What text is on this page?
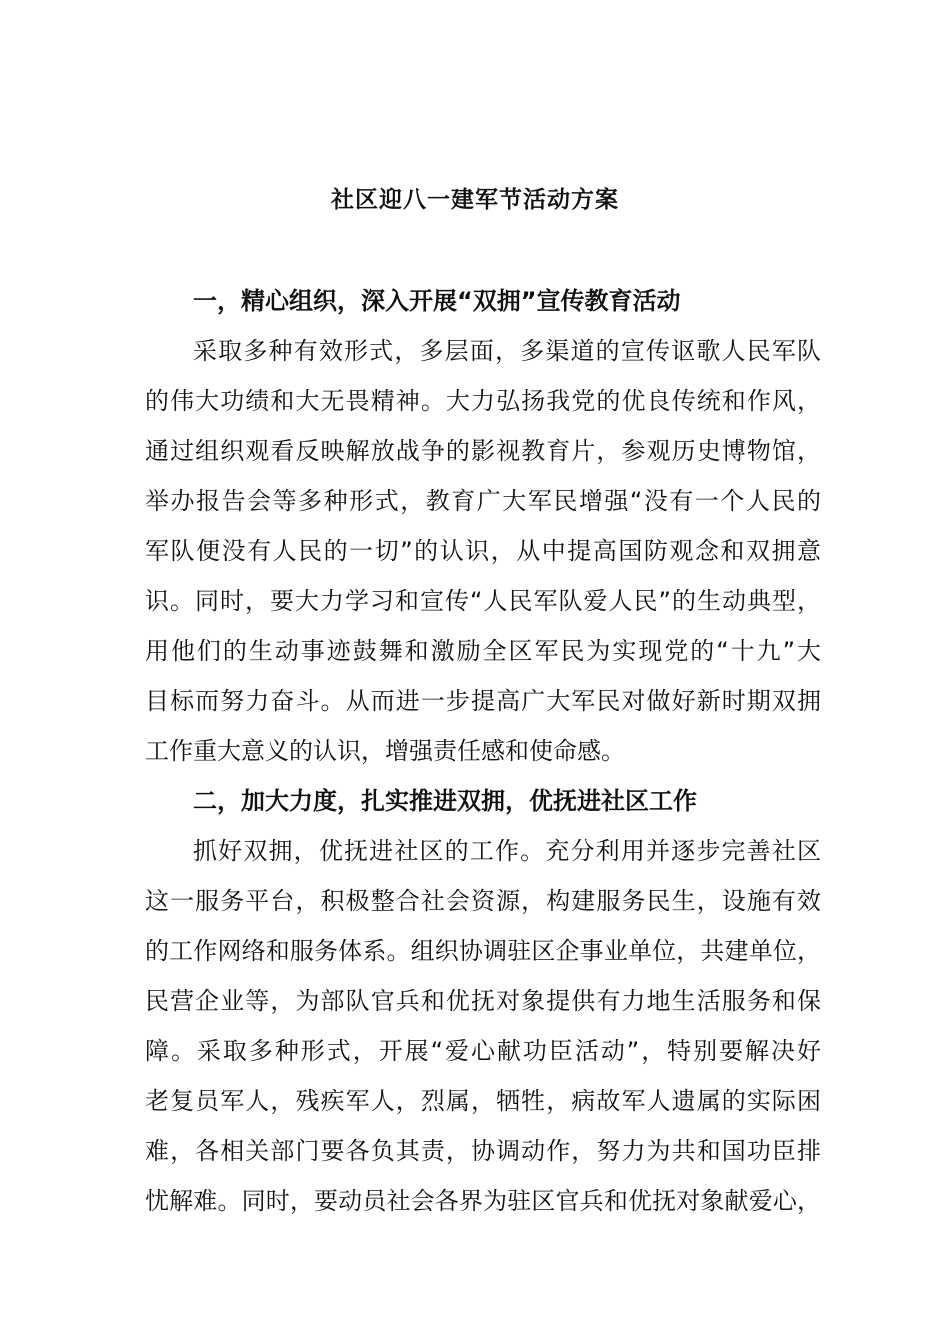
社区迎八一建军节活动方案
一，精心组织，深入开展“双拥”宣传教育活动
采取多种有效形式，多层面，多渠道的宣传讴歌人民军队
的伟大功绩和大无畏精神。大力弘扬我党的优良传统和作风，
通过组织观看反映解放战争的影视教育片，参观历史博物馆，
举办报告会等多种形式，教育广大军民增强“没有一个人民的
军队便没有人民的一切”的认识，从中提高国防观念和双拥意
识。同时，要大力学习和宣传“人民军队爱人民”的生动典型，
用他们的生动事迹鼓舞和激励全区军民为实现党的“十九”大
目标而努力奋斗。从而进一步提高广大军民对做好新时期双拥
工作重大意义的认识，增强责任感和使命感。
二，加大力度，扎实推进双拥，优抚进社区工作
抓好双拥，优抚进社区的工作。充分利用并逐步完善社区
这一服务平台，积极整合社会资源，构建服务民生，设施有效
的工作网络和服务体系。组织协调驻区企事业单位，共建单位，
民营企业等，为部队官兵和优抚对象提供有力地生活服务和保
障。采取多种形式，开展“爱心献功臣活动”，特别要解决好
老复员军人，残疾军人，烈属，牺牲，病故军人遗属的实际困
难，各相关部门要各负其责，协调动作，努力为共和国功臣排
忧解难。同时，要动员社会各界为驻区官兵和优抚对象献爱心，
